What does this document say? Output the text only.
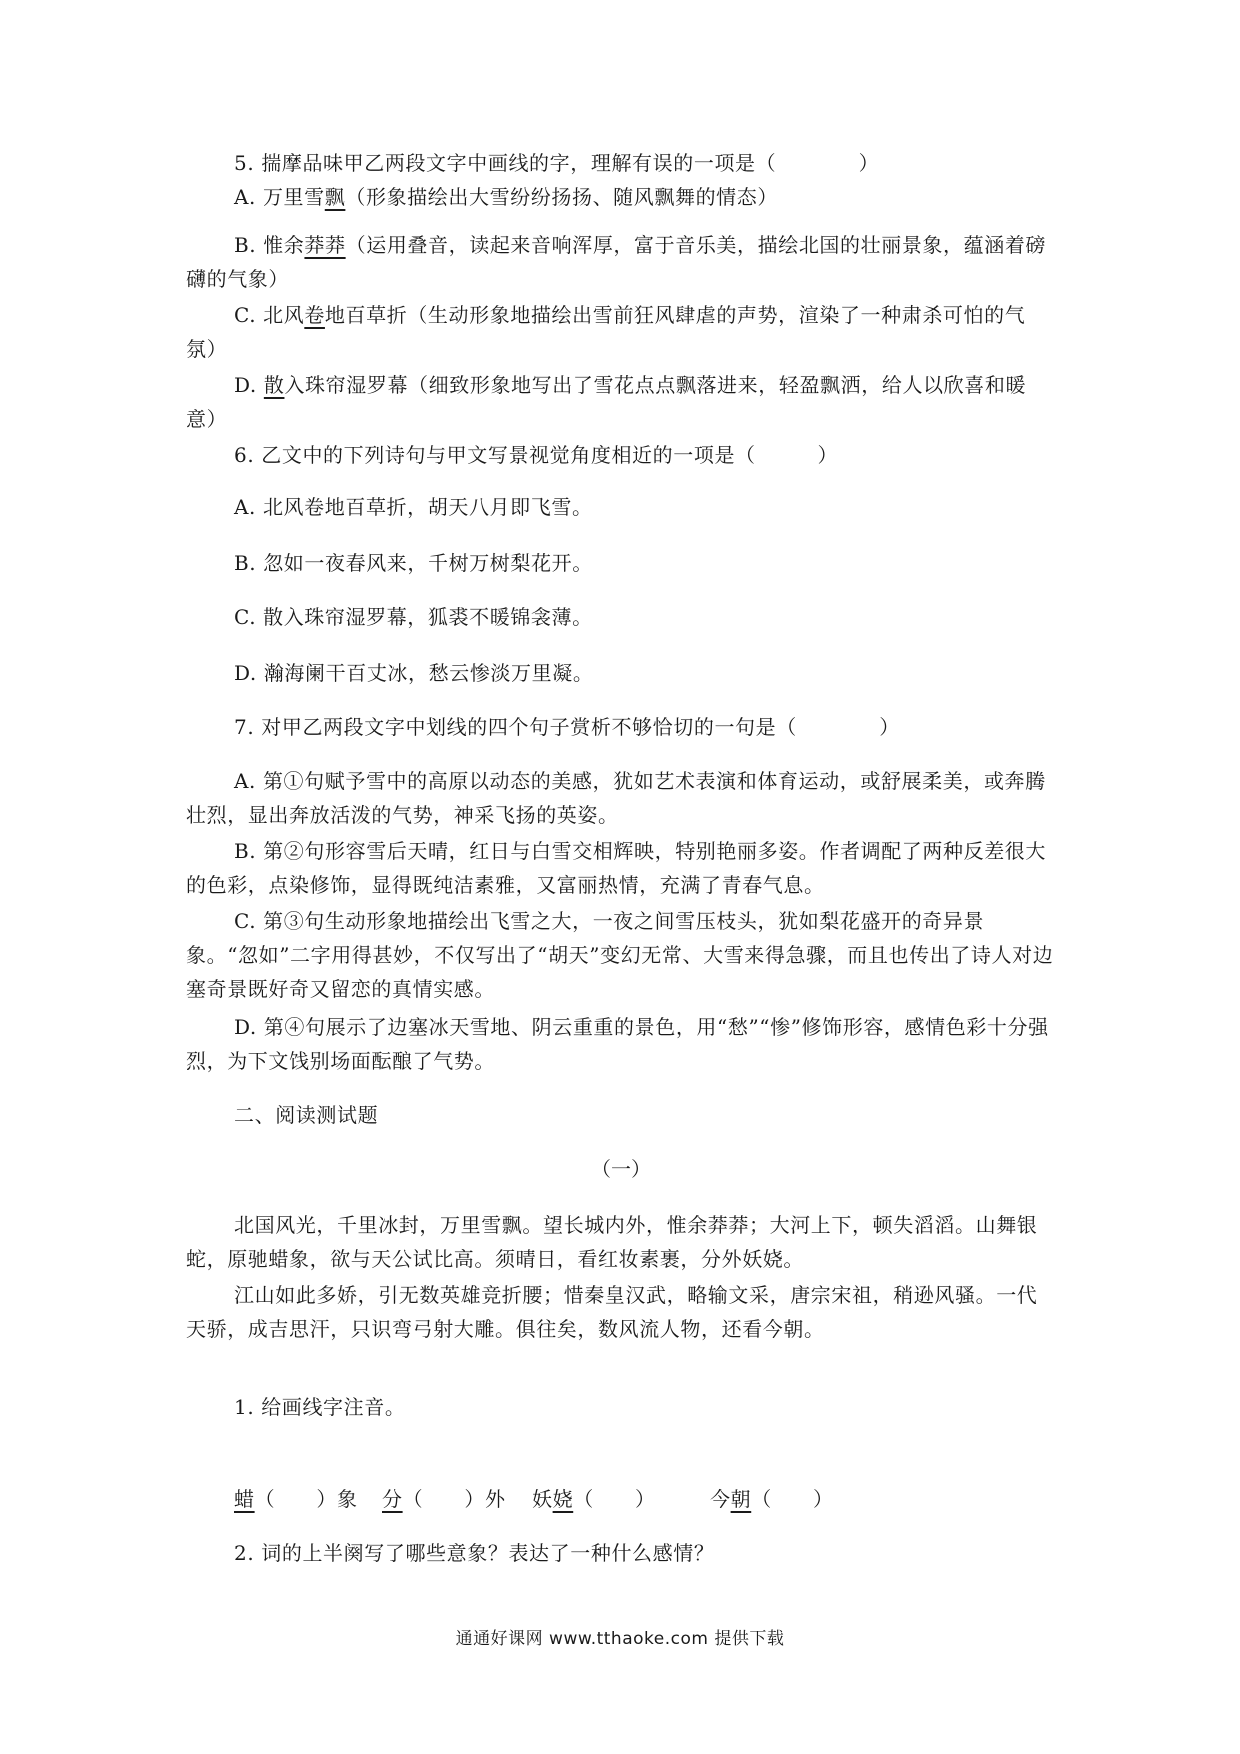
5. 揣摩品味甲乙两段文字中画线的字，理解有误的一项是（　　　　）

A. 万里雪飘（形象描绘出大雪纷纷扬扬、随风飘舞的情态）

B. 惟余莽莽（运用叠音，读起来音响浑厚，富于音乐美，描绘北国的壮丽景象，蕴涵着磅礴的气象）

C. 北风卷地百草折（生动形象地描绘出雪前狂风肆虐的声势，渲染了一种肃杀可怕的气氛）

D. 散入珠帘湿罗幕（细致形象地写出了雪花点点飘落进来，轻盈飘洒，给人以欣喜和暖意）

6. 乙文中的下列诗句与甲文写景视觉角度相近的一项是（　　　）

A. 北风卷地百草折，胡天八月即飞雪。

B. 忽如一夜春风来，千树万树梨花开。

C. 散入珠帘湿罗幕，狐裘不暖锦衾薄。

D. 瀚海阑干百丈冰，愁云惨淡万里凝。

7. 对甲乙两段文字中划线的四个句子赏析不够恰切的一句是（　　　　）

A. 第①句赋予雪中的高原以动态的美感，犹如艺术表演和体育运动，或舒展柔美，或奔腾壮烈，显出奔放活泼的气势，神采飞扬的英姿。

B. 第②句形容雪后天晴，红日与白雪交相辉映，特别艳丽多姿。作者调配了两种反差很大的色彩，点染修饰，显得既纯洁素雅，又富丽热情，充满了青春气息。

C. 第③句生动形象地描绘出飞雪之大，一夜之间雪压枝头，犹如梨花盛开的奇异景象。“忽如”二字用得甚妙，不仅写出了“胡天”变幻无常、大雪来得急骤，而且也传出了诗人对边塞奇景既好奇又留恋的真情实感。

D. 第④句展示了边塞冰天雪地、阴云重重的景色，用“愁”“惨”修饰形容，感情色彩十分强烈，为下文饯别场面酝酿了气势。

二、阅读测试题

（一）

北国风光，千里冰封，万里雪飘。望长城内外，惟余莽莽；大河上下，顿失滔滔。山舞银蛇，原驰蜡象，欲与天公试比高。须晴日，看红妆素裹，分外妖娆。

江山如此多娇，引无数英雄竞折腰；惜秦皇汉武，略输文采，唐宗宋祖，稍逊风骚。一代天骄，成吉思汗，只识弯弓射大雕。俱往矣，数风流人物，还看今朝。

1. 给画线字注音。

蜡（　　）象	分（　　）外	妖娆（　　）	今朝（　　）

2. 词的上半阕写了哪些意象？表达了一种什么感情？

通通好课网 www.tthaoke.com 提供下载
